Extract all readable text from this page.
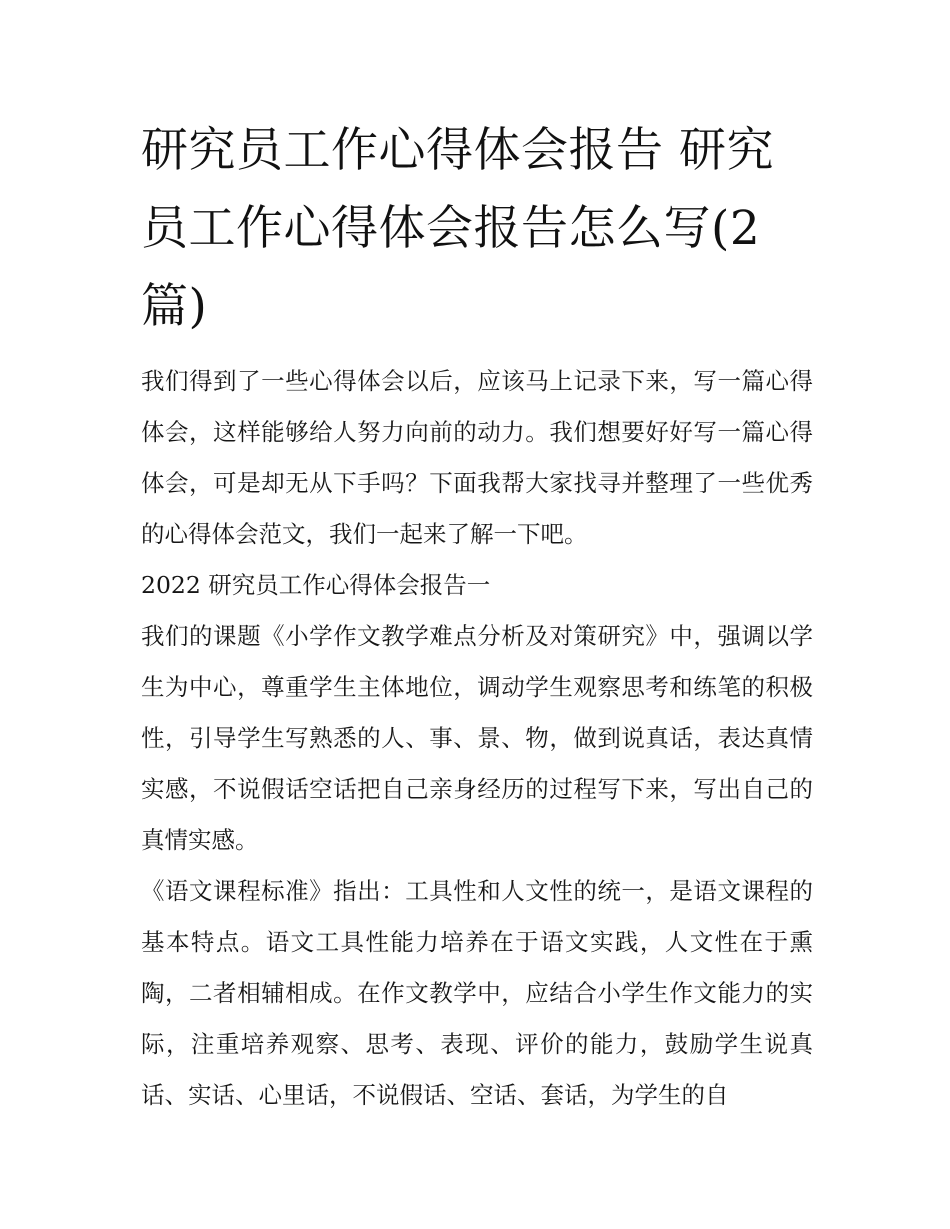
研究员工作心得体会报告 研究员工作心得体会报告怎么写(2篇)

我们得到了一些心得体会以后，应该马上记录下来，写一篇心得体会，这样能够给人努力向前的动力。我们想要好好写一篇心得体会，可是却无从下手吗？下面我帮大家找寻并整理了一些优秀的心得体会范文，我们一起来了解一下吧。

2022 研究员工作心得体会报告一

我们的课题《小学作文教学难点分析及对策研究》中，强调以学生为中心，尊重学生主体地位，调动学生观察思考和练笔的积极性，引导学生写熟悉的人、事、景、物，做到说真话，表达真情实感，不说假话空话把自己亲身经历的过程写下来，写出自己的真情实感。

《语文课程标准》指出：工具性和人文性的统一，是语文课程的基本特点。语文工具性能力培养在于语文实践，人文性在于熏陶，二者相辅相成。在作文教学中，应结合小学生作文能力的实际，注重培养观察、思考、表现、评价的能力，鼓励学生说真话、实话、心里话，不说假话、空话、套话，为学生的自
